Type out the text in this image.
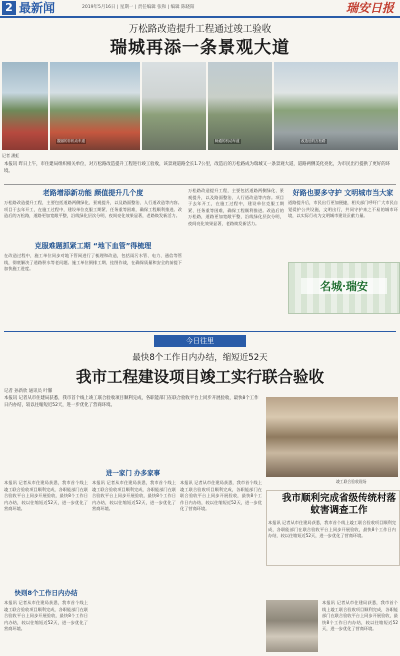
2 最新闻	2019年5月16日 | 星期一 | 责任编辑 张和 | 编辑 陈晓阳	瑞安日报
万松路改造提升工程通过竣工验收
瑞城再添一条景观大道
靓丽的非机动车道	畅通的机动车道	改造后的万松路
记者 潘虹
本报讯 昨日上午，市住建局组织相关单位，对万松路改造提升工程进行竣工验收，该景观道路全长1.7公里，改造后的万松路成为瑞城又一条景观大道，道路两侧美化亮化，为市民出行提供了更好的环境。
老路增添新功能 颜值提升几个度
万松路改造提升工程，主要包括道路两侧绿化、景观提升，以及路面整治、人行道改造等内容。项目于去年开工，在施工过程中，建设单位克服工期紧、任务重等困难，确保工程顺利推进。改造后的万松路，道路更加宽敞平整，沿线绿化层次分明，夜间亮化效果显著，老路焕发新活力。
克服难题抓紧工期 “地下血管”得梳理
在改造过程中，施工单位同步对地下管网进行了梳理和改造，包括雨污水管、电力、通信等管线，彻底解决了道路积水等老问题。施工单位倒排工期、挂图作战，在确保质量和安全的前提下加快施工进度。
万松路改造提升工程，主要包括道路两侧绿化、景观提升，以及路面整治、人行道改造等内容。项目于去年开工，在施工过程中，建设单位克服工期紧、任务重等困难，确保工程顺利推进。改造后的万松路，道路更加宽敞平整，沿线绿化层次分明，夜间亮化效果显著，老路焕发新活力。
好路也要多守护 文明城市当大家
道路提升后，市民出行更加便捷，相关部门呼吁广大市民自觉爱护公共设施，文明出行，共同守护来之不易的城市环境，以实际行动为文明城市建设贡献力量。
名城·瑞安
今日往里
最快8个工作日内办结，缩短近52天
我市工程建设项目竣工实行联合验收
记者 孙新欣 通讯员 叶馨
本报讯 记者从市住建局获悉，我市首个线上竣工联合验收项目顺利完成，各职能部门在联合验收平台上同步开展验收，最快8个工作日内办结，较以往缩短近52天，进一步优化了营商环境。
竣工联合验收现场
进一家门 办多家事
本报讯 记者从市住建局获悉，我市首个线上竣工联合验收项目顺利完成，各职能部门在联合验收平台上同步开展验收，最快8个工作日内办结，较以往缩短近52天，进一步优化了营商环境。
本报讯 记者从市住建局获悉，我市首个线上竣工联合验收项目顺利完成，各职能部门在联合验收平台上同步开展验收，最快8个工作日内办结，较以往缩短近52天，进一步优化了营商环境。
本报讯 记者从市住建局获悉，我市首个线上竣工联合验收项目顺利完成，各职能部门在联合验收平台上同步开展验收，最快8个工作日内办结，较以往缩短近52天，进一步优化了营商环境。
快则8个工作日内办结
本报讯 记者从市住建局获悉，我市首个线上竣工联合验收项目顺利完成，各职能部门在联合验收平台上同步开展验收，最快8个工作日内办结，较以往缩短近52天，进一步优化了营商环境。
我市顺利完成省级传统村落蚊害调查工作
本报讯 记者从市住建局获悉，我市首个线上竣工联合验收项目顺利完成，各职能部门在联合验收平台上同步开展验收，最快8个工作日内办结，较以往缩短近52天，进一步优化了营商环境。
本报讯 记者从市住建局获悉，我市首个线上竣工联合验收项目顺利完成，各职能部门在联合验收平台上同步开展验收，最快8个工作日内办结，较以往缩短近52天，进一步优化了营商环境。
